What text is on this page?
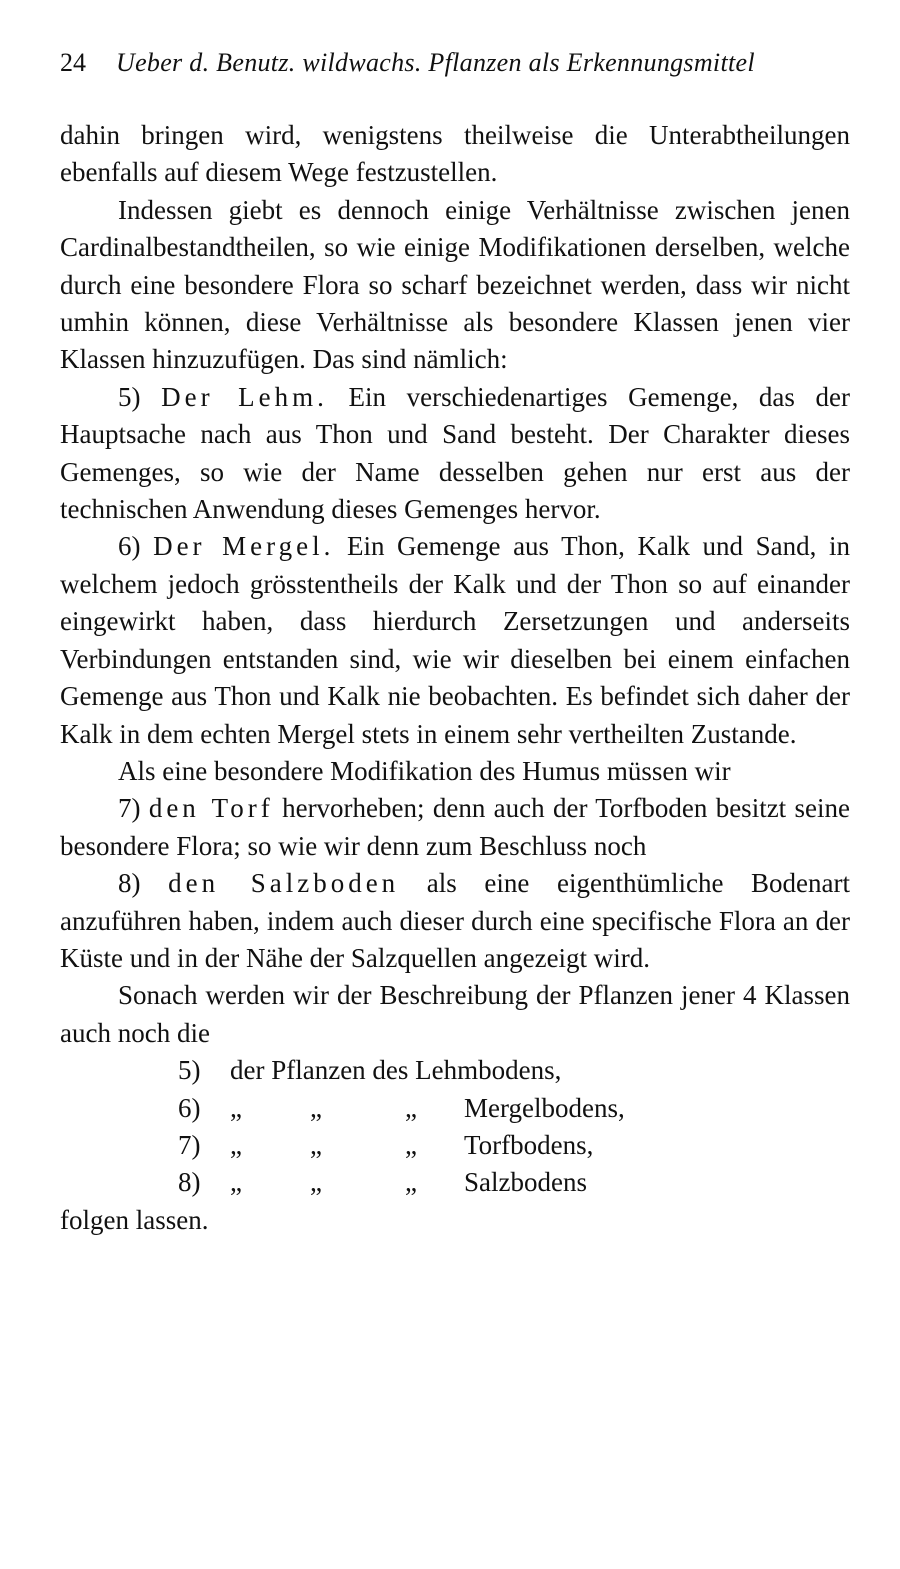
24 Ueber d. Benutz. wildwachs. Pflanzen als Erkennungsmittel

dahin bringen wird, wenigstens theilweise die Unterabtheilungen ebenfalls auf diesem Wege festzustellen.

Indessen giebt es dennoch einige Verhältnisse zwischen jenen Cardinalbestandtheilen, so wie einige Modifikationen derselben, welche durch eine besondere Flora so scharf bezeichnet werden, dass wir nicht umhin können, diese Verhältnisse als besondere Klassen jenen vier Klassen hinzuzufügen. Das sind nämlich:

5) Der Lehm. Ein verschiedenartiges Gemenge, das der Hauptsache nach aus Thon und Sand besteht. Der Charakter dieses Gemenges, so wie der Name desselben gehen nur erst aus der technischen Anwendung dieses Gemenges hervor.

6) Der Mergel. Ein Gemenge aus Thon, Kalk und Sand, in welchem jedoch grösstentheils der Kalk und der Thon so auf einander eingewirkt haben, dass hierdurch Zersetzungen und anderseits Verbindungen entstanden sind, wie wir dieselben bei einem einfachen Gemenge aus Thon und Kalk nie beobachten. Es befindet sich daher der Kalk in dem echten Mergel stets in einem sehr vertheilten Zustande.

Als eine besondere Modifikation des Humus müssen wir

7) den Torf hervorheben; denn auch der Torfboden besitzt seine besondere Flora; so wie wir denn zum Beschluss noch

8) den Salzboden als eine eigenthümliche Bodenart anzuführen haben, indem auch dieser durch eine specifische Flora an der Küste und in der Nähe der Salzquellen angezeigt wird.

Sonach werden wir der Beschreibung der Pflanzen jener 4 Klassen auch noch die

5)	der Pflanzen des Lehmbodens,
6)	„	„	„	Mergelbodens,
7)	„	„	„	Torfbodens,
8)	„	„	„	Salzbodens

folgen lassen.
